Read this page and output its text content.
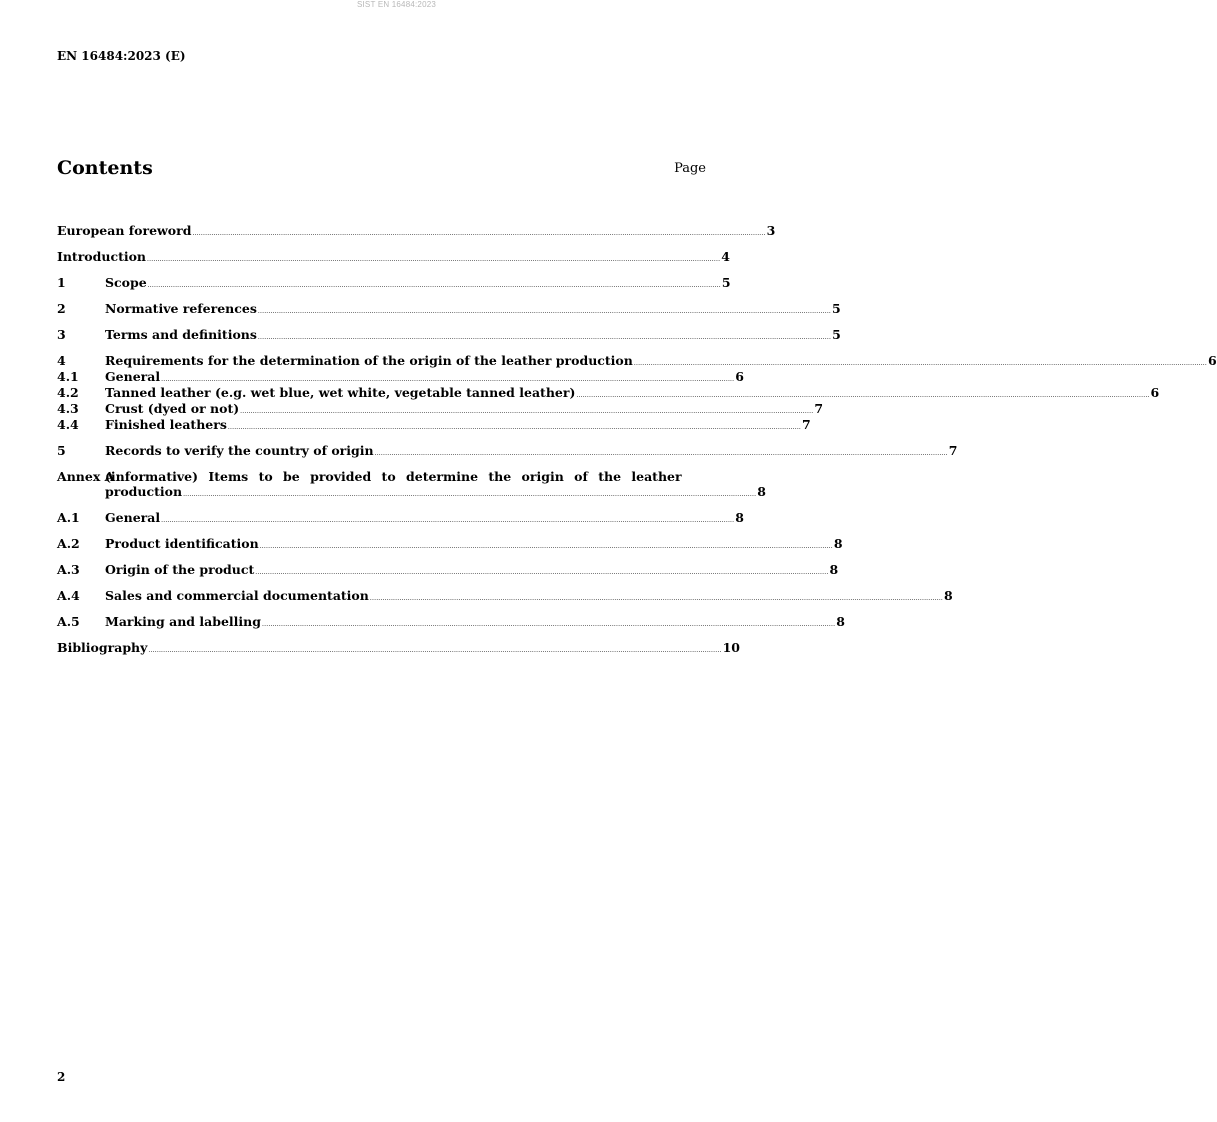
SIST EN 16484:2023
EN 16484:2023 (E)
Contents	Page
European foreword ................................................................................................................................................................................................................................................................................ 3
Introduction ................................................................................................................................................................................................................................................................................ 4
1	Scope ................................................................................................................................................................................................................................................................................ 5
2	Normative references ................................................................................................................................................................................................................................................................................ 5
3	Terms and definitions ................................................................................................................................................................................................................................................................................ 5
4	Requirements for the determination of the origin of the leather production ................................................................................................................................................................................................................................................................................ 6
4.1	General ................................................................................................................................................................................................................................................................................ 6
4.2	Tanned leather (e.g. wet blue, wet white, vegetable tanned leather) ................................................................................................................................................................................................................................................................................ 6
4.3	Crust (dyed or not) ................................................................................................................................................................................................................................................................................ 7
4.4	Finished leathers ................................................................................................................................................................................................................................................................................ 7
5	Records to verify the country of origin ................................................................................................................................................................................................................................................................................ 7
Annex A
(informative) Items to be provided to determine the origin of the leather
production ................................................................................................................................................................................................................................................................................ 8
A.1	General ................................................................................................................................................................................................................................................................................ 8
A.2	Product identification ................................................................................................................................................................................................................................................................................ 8
A.3	Origin of the product ................................................................................................................................................................................................................................................................................ 8
A.4	Sales and commercial documentation ................................................................................................................................................................................................................................................................................ 8
A.5	Marking and labelling ................................................................................................................................................................................................................................................................................ 8
Bibliography ................................................................................................................................................................................................................................................................................ 10
2
